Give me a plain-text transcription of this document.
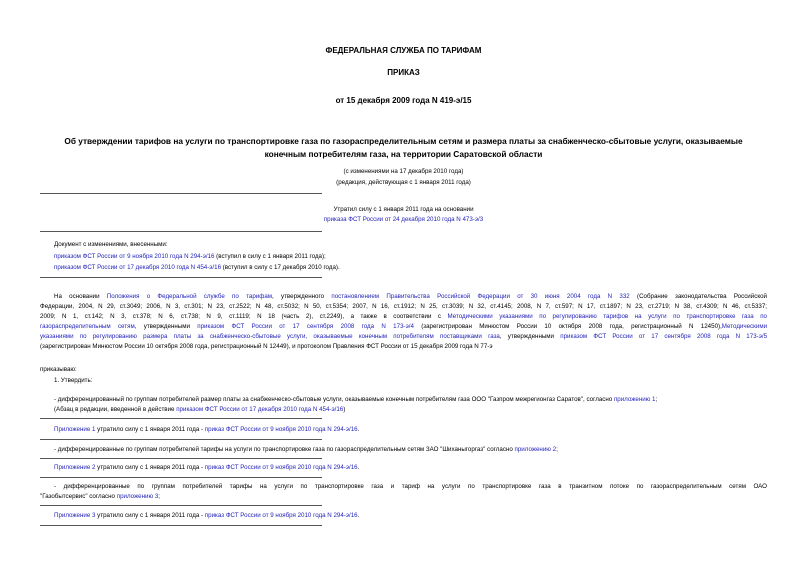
ФЕДЕРАЛЬНАЯ СЛУЖБА ПО ТАРИФАМ
ПРИКАЗ
от 15 декабря 2009 года N 419-э/15
Об утверждении тарифов на услуги по транспортировке газа по газораспределительным сетям и размера платы за снабженческо-сбытовые услуги, оказываемые
конечным потребителям газа, на территории Саратовской области
(с изменениями на 17 декабря 2010 года)
(редакция, действующая с 1 января 2011 года)
Утратил силу с 1 января 2011 года на основании
приказа ФСТ России от 24 декабря 2010 года N 473-э/3
Документ с изменениями, внесенными:
приказом ФСТ России от 9 ноября 2010 года N 294-э/16 (вступил в силу с 1 января 2011 года);
приказом ФСТ России от 17 декабря 2010 года N 454-э/16 (вступил в силу с 17 декабря 2010 года).
На основании Положения о Федеральной службе по тарифам, утвержденного постановлением Правительства Российской Федерации от 30 июня 2004 года N 332 (Собрание законодательства Российской
Федерации, 2004, N 29, ст.3049; 2006, N 3, ст.301; N 23, ст.2522; N 48, ст.5032; N 50, ст.5354; 2007, N 16, ст.1912; N 25, ст.3039; N 32, ст.4145; 2008, N 7, ст.597; N 17, ст.1897; N 23, ст.2719; N 38, ст.4309; N 46, ст.5337;
2009; N 1, ст.142; N 3, ст.378; N 6, ст.738; N 9, ст.1119; N 18 (часть 2), ст.2249), а также в соответствии с Методическими указаниями по регулированию тарифов на услуги по транспортировке газа по
газораспределительным сетям, утвержденными приказом ФСТ России от 17 сентября 2008 года N 173-э/4 (зарегистрирован Минюстом России 10 октября 2008 года, регистрационный N 12450),Методическими
указаниями по регулированию размера платы за снабженческо-сбытовые услуги, оказываемые конечным потребителям поставщиками газа, утвержденными приказом ФСТ России от 17 сентября 2008 года N 173-э/5
(зарегистрирован Минюстом России 10 октября 2008 года, регистрационный N 12449), и протоколом Правления ФСТ России от 15 декабря 2009 года N 77-э
приказываю:
1. Утвердить:
- дифференцированный по группам потребителей размер платы за снабженческо-сбытовые услуги, оказываемые конечным потребителям газа ООО "Газпром межрегионгаз Саратов", согласно приложению 1;
(Абзац в редакции, введенной в действие приказом ФСТ России от 17 декабря 2010 года N 454-э/16)
Приложение 1 утратило силу с 1 января 2011 года - приказ ФСТ России от 9 ноября 2010 года N 294-э/16.
- дифференцированные по группам потребителей тарифы на услуги по транспортировке газа по газораспределительным сетям ЗАО "Шиханыгоргаз" согласно приложению 2;
Приложение 2 утратило силу с 1 января 2011 года - приказ ФСТ России от 9 ноября 2010 года N 294-э/16.
- дифференцированные по группам потребителей тарифы на услуги по транспортировке газа и тариф на услуги по транспортировке газа в транзитном потоке по газораспределительным сетям ОАО
"Газобытсервис" согласно приложению 3;
Приложение 3 утратило силу с 1 января 2011 года - приказ ФСТ России от 9 ноября 2010 года N 294-э/16.
